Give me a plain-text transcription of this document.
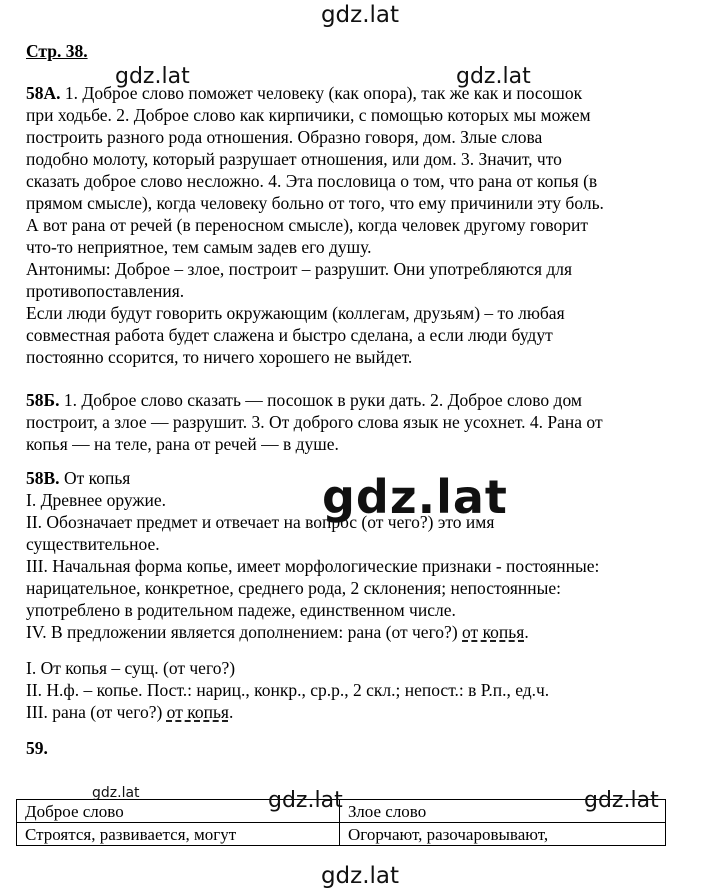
gdz.lat
gdz.lat	gdz.lat

Стр. 38.

58А. 1. Доброе слово поможет человеку (как опора), так же как и посошок

при ходьбе. 2. Доброе слово как кирпичики, с помощью которых мы можем

построить разного рода отношения. Образно говоря, дом. Злые слова

подобно молоту, который разрушает отношения, или дом. 3. Значит, что

сказать доброе слово несложно. 4. Эта пословица о том, что рана от копья (в

прямом смысле), когда человеку больно от того, что ему причинили эту боль.

А вот рана от речей (в переносном смысле), когда человек другому говорит

что-то неприятное, тем самым задев его душу.

Антонимы: Доброе – злое, построит – разрушит. Они употребляются для

противопоставления.

Если люди будут говорить окружающим (коллегам, друзьям) – то любая

совместная работа будет слажена и быстро сделана, а если люди будут

постоянно ссорится, то ничего хорошего не выйдет.

58Б. 1. Доброе слово сказать — посошок в руки дать. 2. Доброе слово дом

построит, а злое — разрушит. 3. От доброго слова язык не усохнет. 4. Рана от

копья — на теле, рана от речей — в душе.

58В. От копья

I. Древнее оружие.

II. Обозначает предмет и отвечает на вопрос (от чего?) это имя

существительное.

III. Начальная форма копье, имеет морфологические признаки - постоянные:

нарицательное, конкретное, среднего рода, 2 склонения; непостоянные:

употреблено в родительном падеже, единственном числе.

IV. В предложении является дополнением: рана (от чего?) от копья.

I. От копья – сущ. (от чего?)

II. Н.ф. – копье. Пост.: нариц., конкр., ср.р., 2 скл.; непост.: в Р.п., ед.ч.

III. рана (от чего?) от копья.

59.

gdz.lat
Доброе слово	Злое слово
Строятся, развивается, могут	Огорчают, разочаровывают,
gdz.lat	gdz.lat	gdz.lat
gdz.lat
